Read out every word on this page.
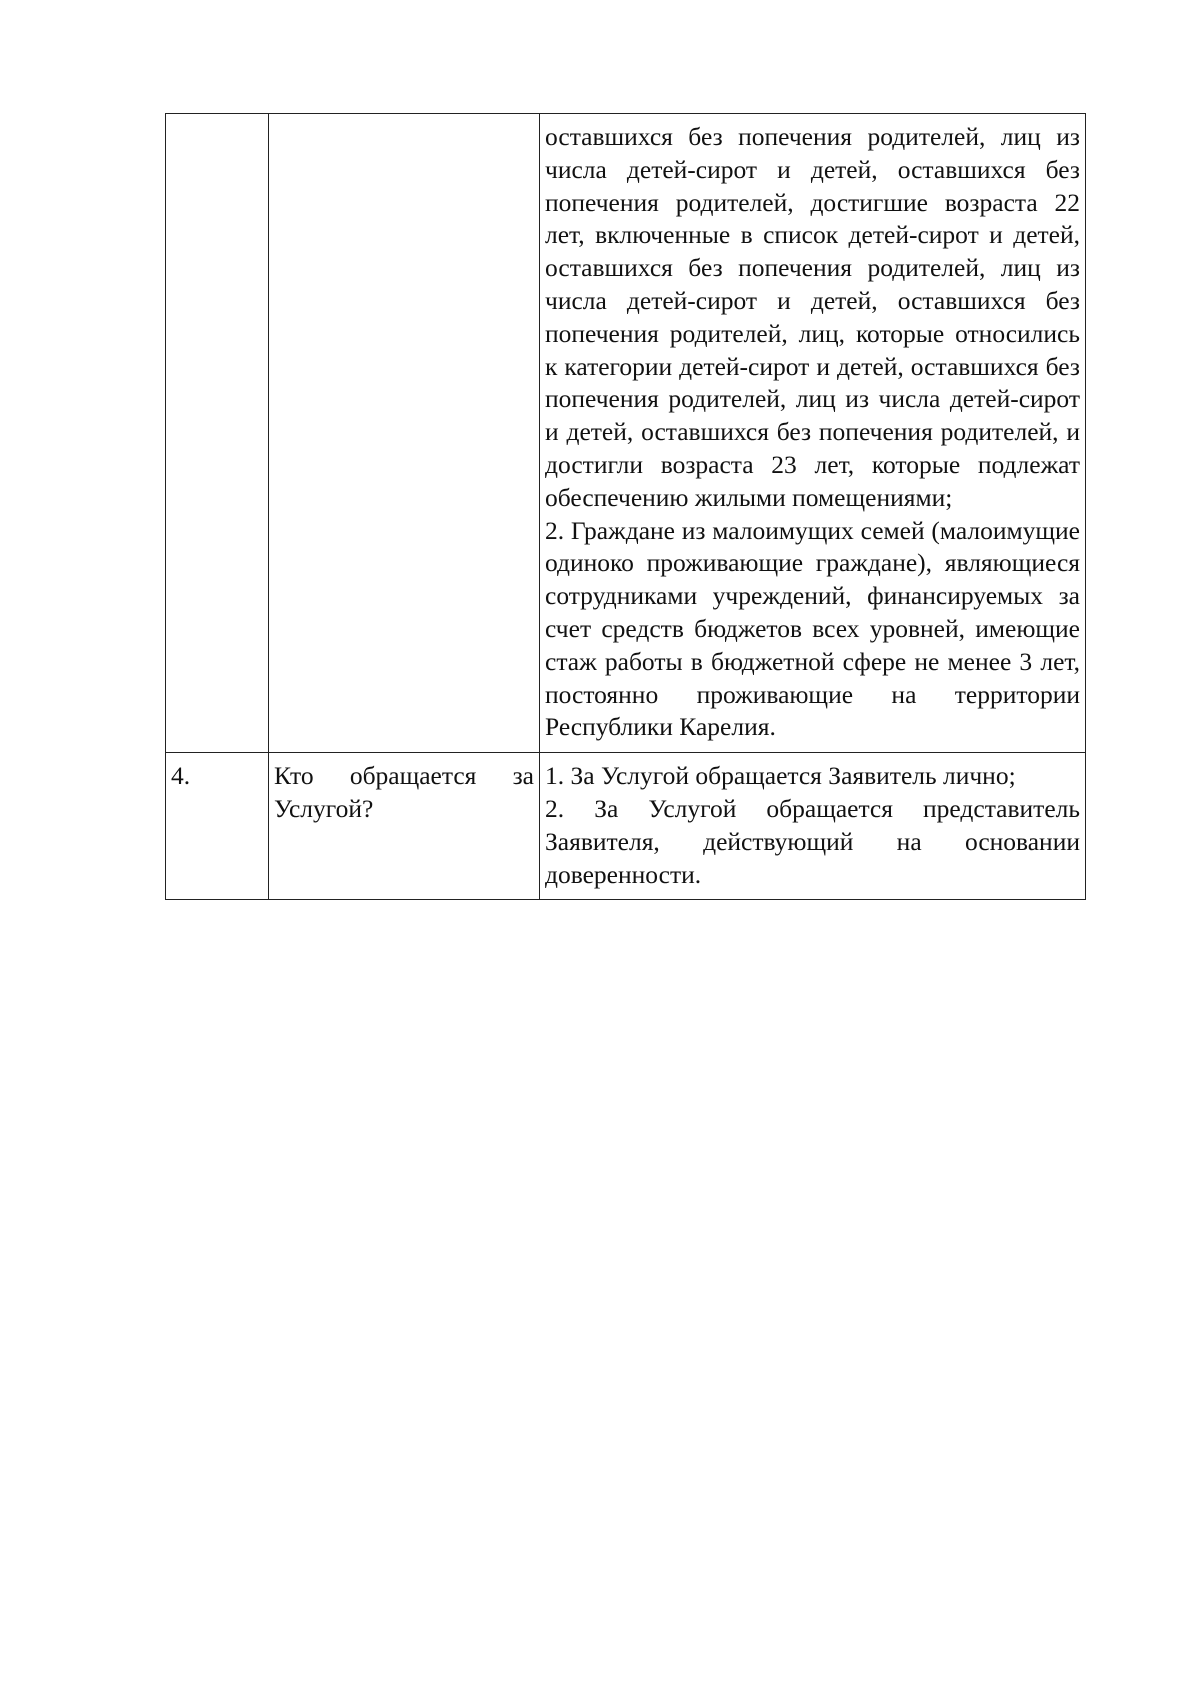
		оставшихся без попечения родителей, лиц из числа детей-сирот и детей, оставшихся без попечения родителей, достигшие возраста 22 лет, включенные в список детей-сирот и детей, оставшихся без попечения родителей, лиц из числа детей-сирот и детей, оставшихся без попечения родителей, лиц, которые относились к категории детей-сирот и детей, оставшихся без попечения родителей, лиц из числа детей-сирот и детей, оставшихся без попечения родителей, и достигли возраста 23 лет, которые подлежат обеспечению жилыми помещениями;
2. Граждане из малоимущих семей (малоимущие одиноко проживающие граждане), являющиеся сотрудниками учреждений, финансируемых за счет средств бюджетов всех уровней, имеющие стаж работы в бюджетной сфере не менее 3 лет, постоянно проживающие на территории Республики Карелия.

4.	Кто обращается за Услугой?	1. За Услугой обращается Заявитель лично;
2. За Услугой обращается представитель Заявителя, действующий на основании доверенности.
